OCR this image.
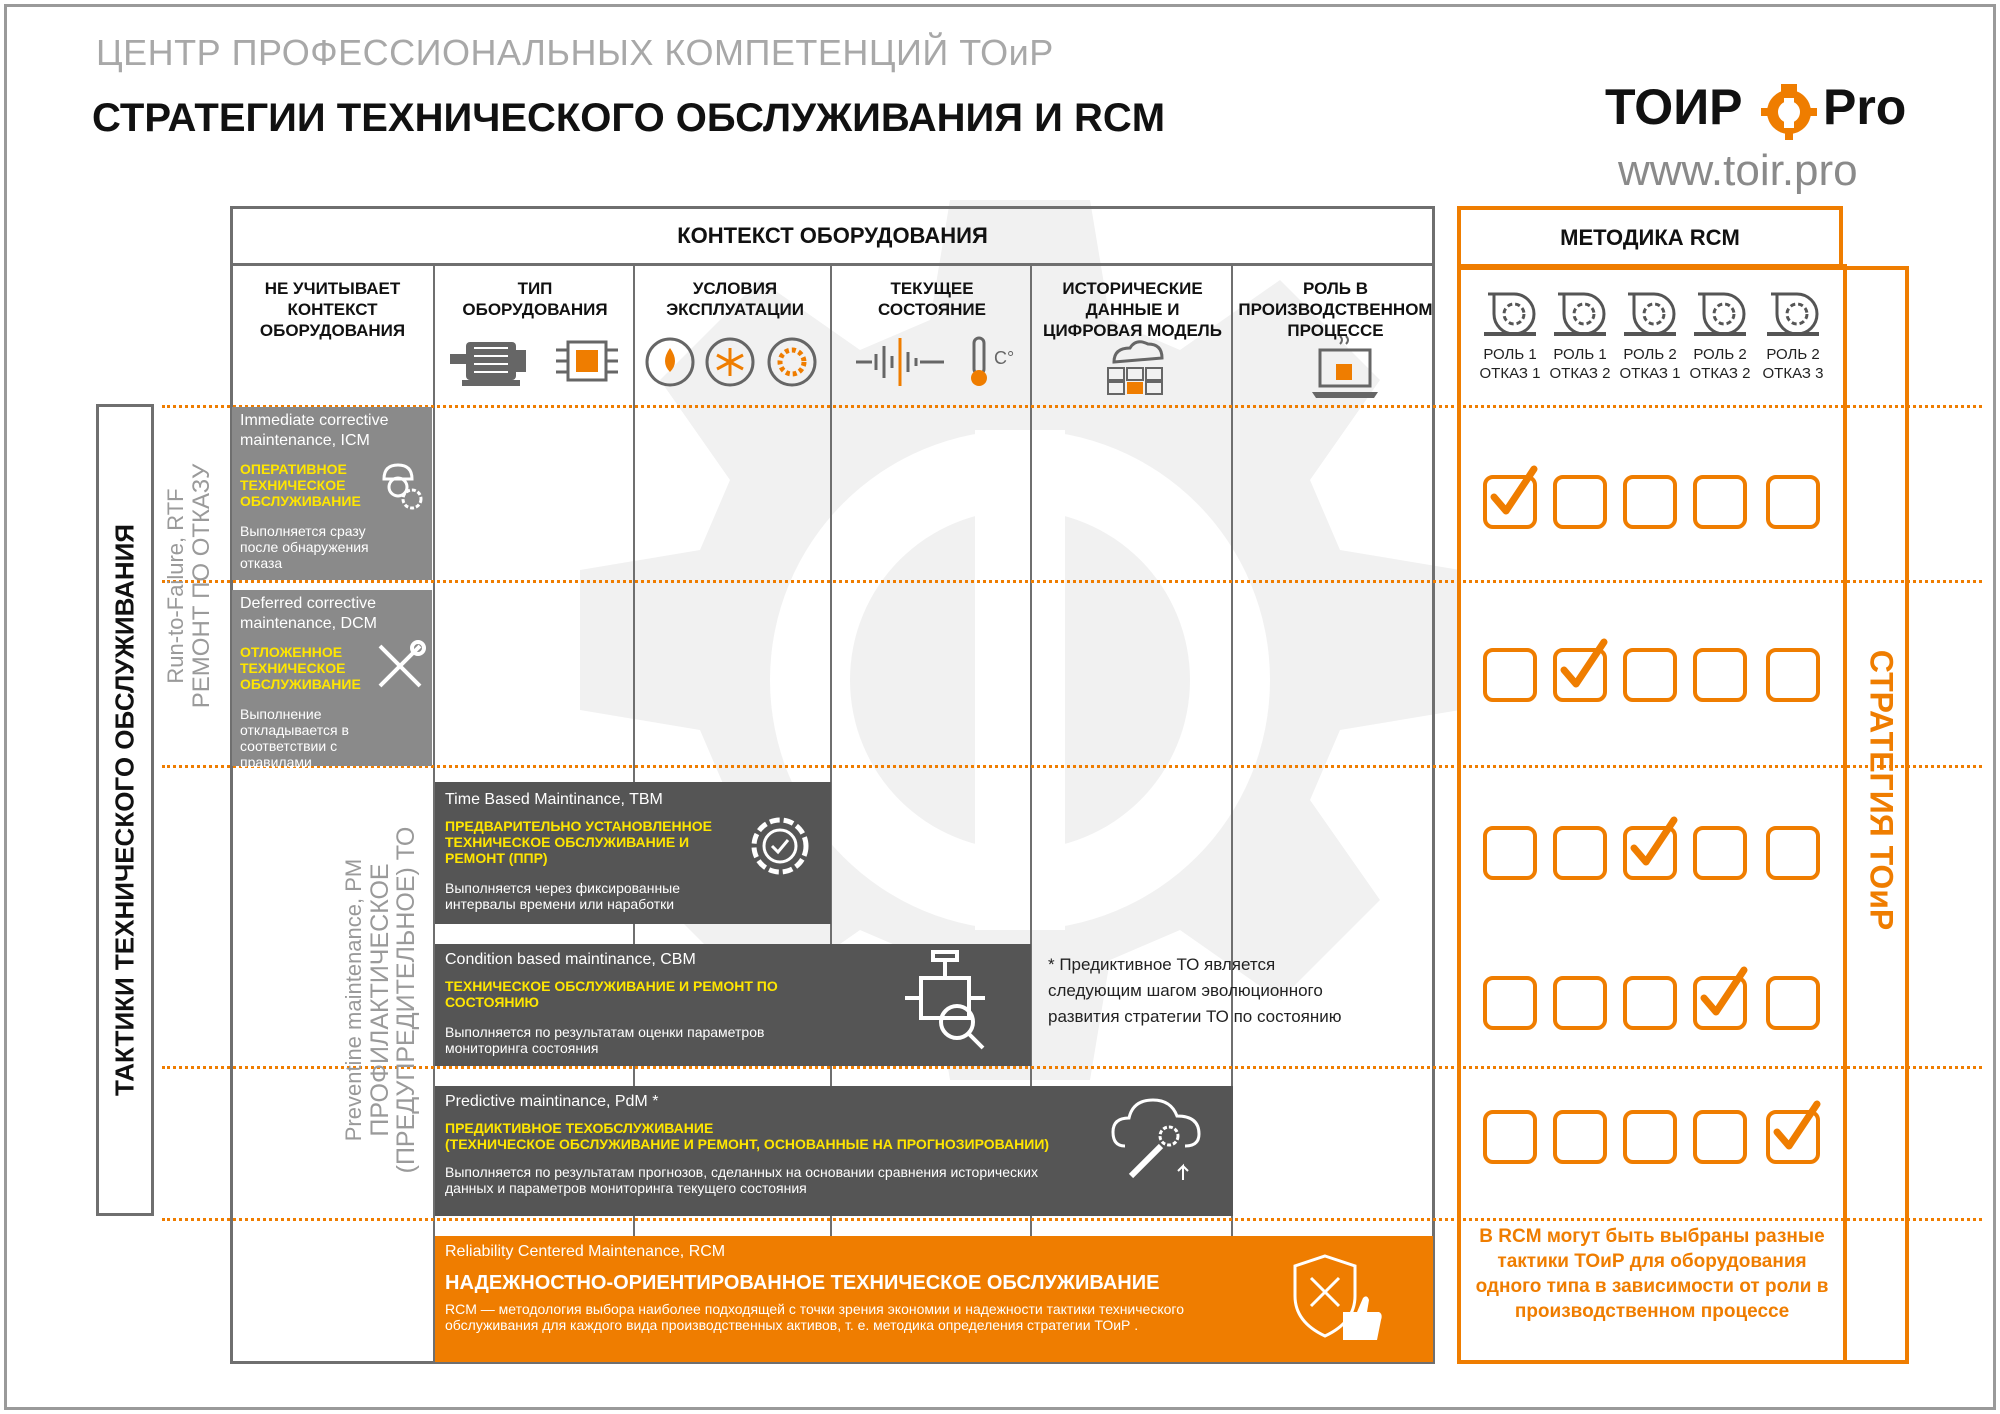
ЦЕНТР ПРОФЕССИОНАЛЬНЫХ КОМПЕТЕНЦИЙ ТОиР
СТРАТЕГИИ ТЕХНИЧЕСКОГО ОБСЛУЖИВАНИЯ И RCM	ТОИР Pro
www.toir.pro
КОНТЕКСТ ОБОРУДОВАНИЯ
НЕ УЧИТЫВАЕТ КОНТЕКСТ ОБОРУДОВАНИЯ
ТИП ОБОРУДОВАНИЯ
УСЛОВИЯ ЭКСПЛУАТАЦИИ
ТЕКУЩЕЕ СОСТОЯНИЕ
ИСТОРИЧЕСКИЕ ДАННЫЕ И ЦИФРОВАЯ МОДЕЛЬ
РОЛЬ В ПРОИЗВОДСТВЕННОМ ПРОЦЕССЕ
C°
МЕТОДИКА RCM
СТРАТЕГИЯ ТОиР
РОЛЬ 1
ОТКАЗ 1
РОЛЬ 1
ОТКАЗ 2
РОЛЬ 2
ОТКАЗ 1
РОЛЬ 2
ОТКАЗ 2
РОЛЬ 2
ОТКАЗ 3
В RCM могут быть выбраны разные тактики ТОиР для оборудования одного типа в зависимости от роли в производственном процессе
ТАКТИКИ ТЕХНИЧЕСКОГО ОБСЛУЖИВАНИЯ Run-to-Failure, RTF РЕМОНТ ПО ОТКАЗУ
Preventine maintenance, PM ПРОФИЛАКТИЧЕСКОЕ
(ПРЕДУПРЕДИТЕЛЬНОЕ) ТО
Immediate corrective maintenance, ICM
ОПЕРАТИВНОЕ ТЕХНИЧЕСКОЕ ОБСЛУЖИВАНИЕ
Выполняется сразу после обнаружения отказа
Deferred corrective maintenance, DCM
ОТЛОЖЕННОЕ ТЕХНИЧЕСКОЕ ОБСЛУЖИВАНИЕ
Выполнение откладывается в соответствии с правилами
Time Based Maintinance, TBM
ПРЕДВАРИТЕЛЬНО УСТАНОВЛЕННОЕ ТЕХНИЧЕСКОЕ ОБСЛУЖИВАНИЕ И РЕМОНТ (ППР)
Выполняется через фиксированные интервалы времени или наработки
Condition based maintinance, CBM
ТЕХНИЧЕСКОЕ ОБСЛУЖИВАНИЕ И РЕМОНТ ПО СОСТОЯНИЮ
Выполняется по результатам оценки параметров мониторинга состояния
* Предиктивное ТО является следующим шагом эволюционного развития стратегии ТО по состоянию
Predictive maintinance, PdM *
ПРЕДИКТИВНОЕ ТЕХОБСЛУЖИВАНИЕ
(ТЕХНИЧЕСКОЕ ОБСЛУЖИВАНИЕ И РЕМОНТ, ОСНОВАННЫЕ НА ПРОГНОЗИРОВАНИИ)
Выполняется по результатам прогнозов, сделанных на основании сравнения исторических данных и параметров мониторинга текущего состояния
Reliability Centered Maintenance, RCM
НАДЕЖНОСТНО-ОРИЕНТИРОВАННОЕ ТЕХНИЧЕСКОЕ ОБСЛУЖИВАНИЕ
RCM — методология выбора наиболее подходящей с точки зрения экономии и надежности тактики технического обслуживания для каждого вида производственных активов, т. е. методика определения стратегии ТОиР .
